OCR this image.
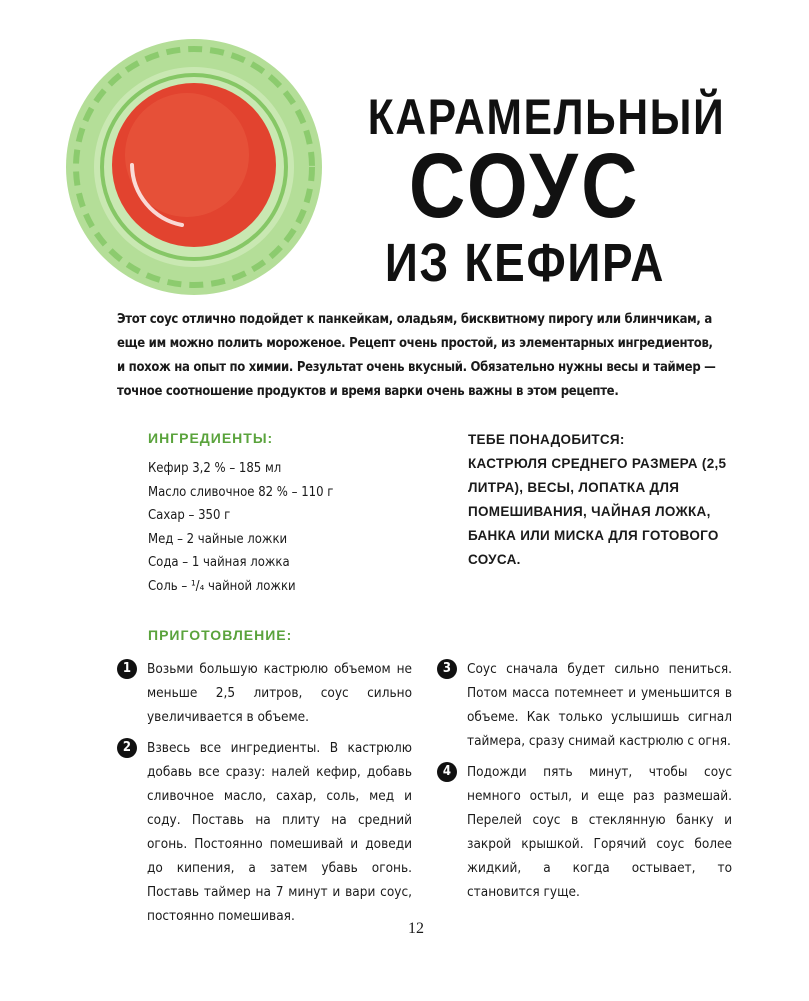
КАРАМЕЛЬНЫЙ
СОУС
ИЗ КЕФИРА

Этот соус отлично подойдет к панкейкам, оладьям, бисквитному пирогу или блинчикам, а еще им можно полить мороженое. Рецепт очень простой, из элементарных ингредиентов, и похож на опыт по химии. Результат очень вкусный. Обязательно нужны весы и таймер — точное соотношение продуктов и время варки очень важны в этом рецепте.

ИНГРЕДИЕНТЫ:
Кефир 3,2 % – 185 мл
Масло сливочное 82 % – 110 г
Сахар – 350 г
Мед – 2 чайные ложки
Сода – 1 чайная ложка
Соль – ¹/₄ чайной ложки
ТЕБЕ ПОНАДОБИТСЯ:
КАСТРЮЛЯ СРЕДНЕГО РАЗМЕРА (2,5 ЛИТРА), ВЕСЫ, ЛОПАТКА ДЛЯ ПОМЕШИВАНИЯ, ЧАЙНАЯ ЛОЖКА, БАНКА ИЛИ МИСКА ДЛЯ ГОТОВОГО СОУСА.
ПРИГОТОВЛЕНИЕ:
1	Возьми большую кастрюлю объемом не меньше 2,5 литров, соус сильно увеличивается в объеме.
2	Взвесь все ингредиенты. В кастрюлю добавь все сразу: налей кефир, добавь сливочное масло, сахар, соль, мед и соду. Поставь на плиту на средний огонь. Постоянно помешивай и доведи до кипения, а затем убавь огонь. Поставь таймер на 7 минут и вари соус, постоянно помешивая.
3	Соус сначала будет сильно пениться. Потом масса потемнеет и уменьшится в объеме. Как только услышишь сигнал таймера, сразу снимай кастрюлю с огня.
4	Подожди пять минут, чтобы соус немного остыл, и еще раз размешай. Перелей соус в стеклянную банку и закрой крышкой. Горячий соус более жидкий, а когда остывает, то становится гуще.
12
